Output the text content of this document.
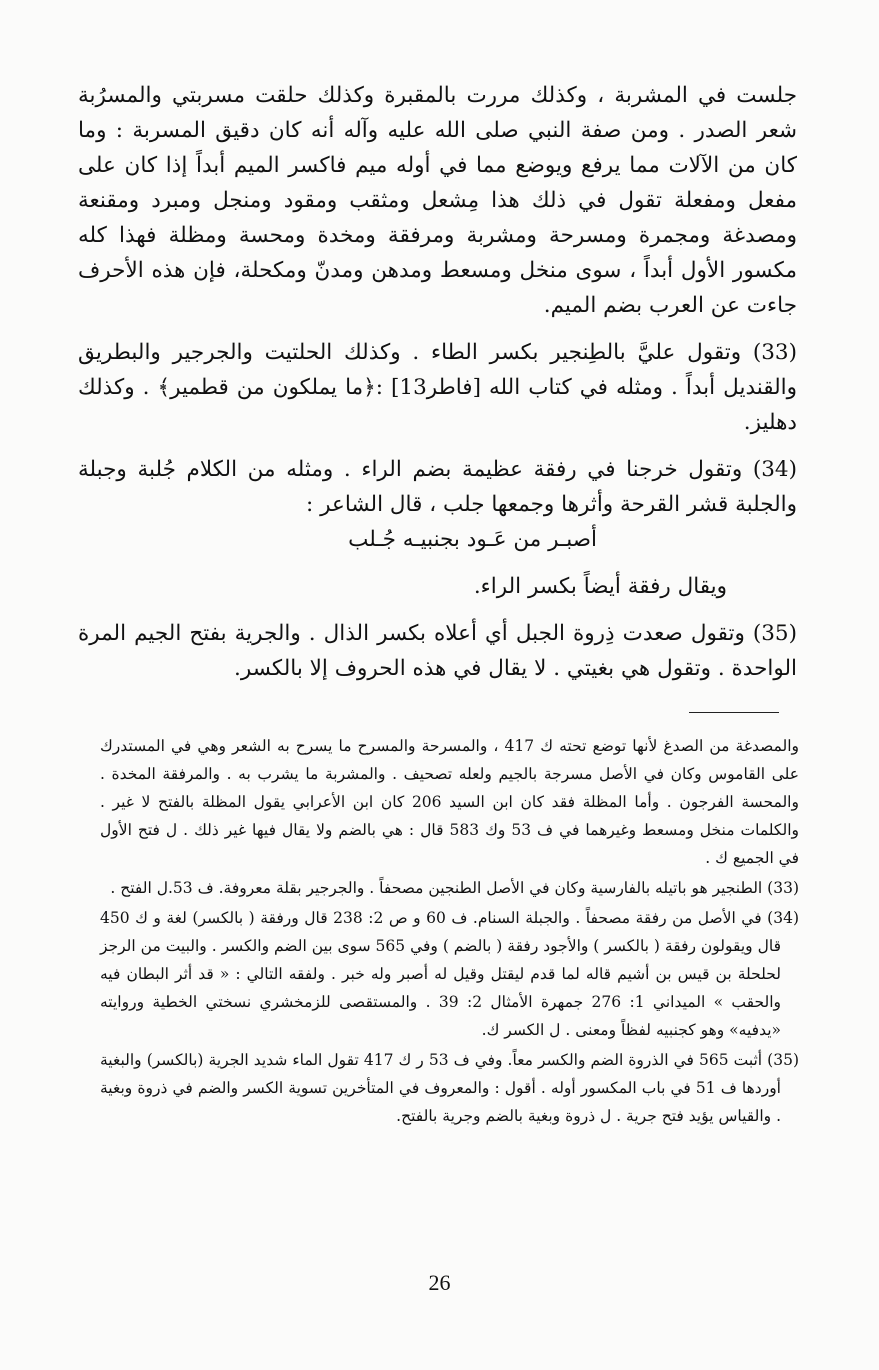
جلست في المشربة ، وكذلك مررت بالمقبرة وكذلك حلقت مسربتي والمسرُبة شعر الصدر . ومن صفة النبي صلى الله عليه وآله أنه كان دقيق المسربة : وما كان من الآلات مما يرفع ويوضع مما في أوله ميم فاكسر الميم أبداً إذا كان على مفعل ومفعلة تقول في ذلك هذا مِشعل ومثقب ومقود ومنجل ومبرد ومقنعة ومصدغة ومجمرة ومسرحة ومشربة ومرفقة ومخدة ومحسة ومظلة فهذا كله مكسور الأول أبداً ، سوى منخل ومسعط ومدهن ومدنّ ومكحلة، فإن هذه الأحرف جاءت عن العرب بضم الميم.

(33) وتقول عليَّ بالطِنجير بكسر الطاء . وكذلك الحلتيت والجرجير والبطريق والقنديل أبداً . ومثله في كتاب الله [فاطر13] :﴿ما يملكون من قطمير﴾ . وكذلك دهليز.

(34) وتقول خرجنا في رفقة عظيمة بضم الراء . ومثله من الكلام جُلبة وجبلة والجلبة قشر القرحة وأثرها وجمعها جلب ، قال الشاعر :

أصبـر من عَـود بجنبيـه جُـلب

ويقال رفقة أيضاً بكسر الراء.

(35) وتقول صعدت ذِروة الجبل أي أعلاه بكسر الذال . والجرية بفتح الجيم المرة الواحدة . وتقول هي بغيتي . لا يقال في هذه الحروف إلا بالكسر.

والمصدغة من الصدغ لأنها توضع تحته ك 417 ، والمسرحة والمسرح ما يسرح به الشعر وهي في المستدرك على القاموس وكان في الأصل مسرجة بالجيم ولعله تصحيف . والمشربة ما يشرب به . والمرفقة المخدة . والمحسة الفرجون . وأما المظلة فقد كان ابن السيد 206 كان ابن الأعرابي يقول المظلة بالفتح لا غير . والكلمات منخل ومسعط وغيرهما في ف 53 وك 583 قال : هي بالضم ولا يقال فيها غير ذلك . ل فتح الأول في الجميع ك .

(33) الطنجير هو باتيله بالفارسية وكان في الأصل الطنجين مصحفاً . والجرجير بقلة معروفة. ف 53.ل الفتح .

(34) في الأصل من رفقة مصحفاً . والجبلة السنام. ف 60 و ص 2: 238 قال ورفقة ( بالكسر) لغة و ك 450 قال ويقولون رفقة ( بالكسر ) والأجود رفقة ( بالضم ) وفي 565 سوى بين الضم والكسر . والبيت من الرجز لحلحلة بن قيس بن أشيم قاله لما قدم ليقتل وقيل له أصبر وله خبر . ولفقه التالي : « قد أثر البطان فيه والحقب » الميداني 1: 276 جمهرة الأمثال 2: 39 . والمستقصى للزمخشري نسختي الخطية وروايته «يدفيه» وهو كجنبيه لفظاً ومعنى . ل الكسر ك.

(35) أثبت 565 في الذروة الضم والكسر معاً. وفي ف 53 ر ك 417 تقول الماء شديد الجرية (بالكسر) والبغية أوردها ف 51 في باب المكسور أوله . أقول : والمعروف في المتأخرين تسوية الكسر والضم في ذروة وبغية . والقياس يؤيد فتح جرية . ل ذروة وبغية بالضم وجرية بالفتح.

26
